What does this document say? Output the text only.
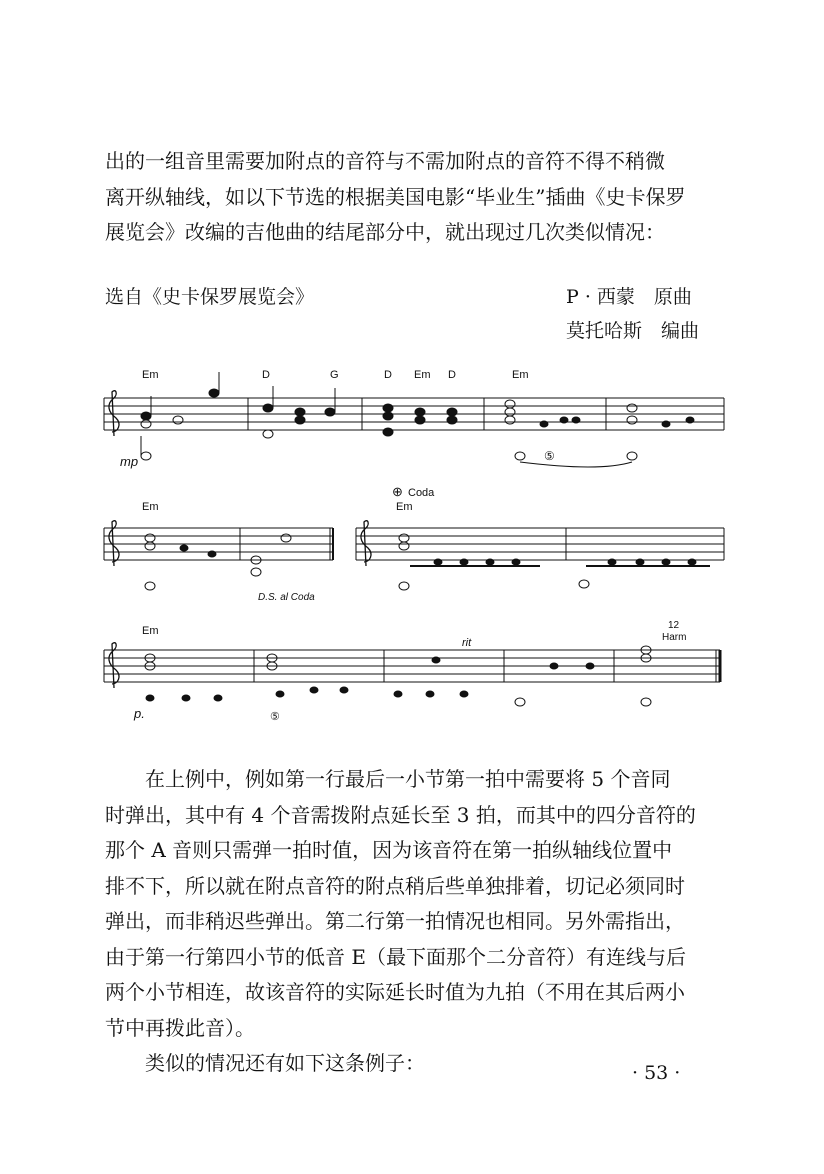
出的一组音里需要加附点的音符与不需加附点的音符不得不稍微
离开纵轴线，如以下节选的根据美国电影“毕业生”插曲《史卡保罗
展览会》改编的吉他曲的结尾部分中，就出现过几次类似情况：
选自《史卡保罗展览会》	P · 西蒙　原曲
莫托哈斯　编曲
Em	D	G	D Em D	Em
mp	⑤
Em	Em
⊕ Coda
D.S. al Coda
Em
p.	⑤
rit
12
Harm
　　在上例中，例如第一行最后一小节第一拍中需要将 5 个音同
时弹出，其中有 4 个音需拨附点延长至 3 拍，而其中的四分音符的
那个 A 音则只需弹一拍时值，因为该音符在第一拍纵轴线位置中
排不下，所以就在附点音符的附点稍后些单独排着，切记必须同时
弹出，而非稍迟些弹出。第二行第一拍情况也相同。另外需指出，
由于第一行第四小节的低音 E（最下面那个二分音符）有连线与后
两个小节相连，故该音符的实际延长时值为九拍（不用在其后两小
节中再拨此音）。
　　类似的情况还有如下这条例子：	· 53 ·
